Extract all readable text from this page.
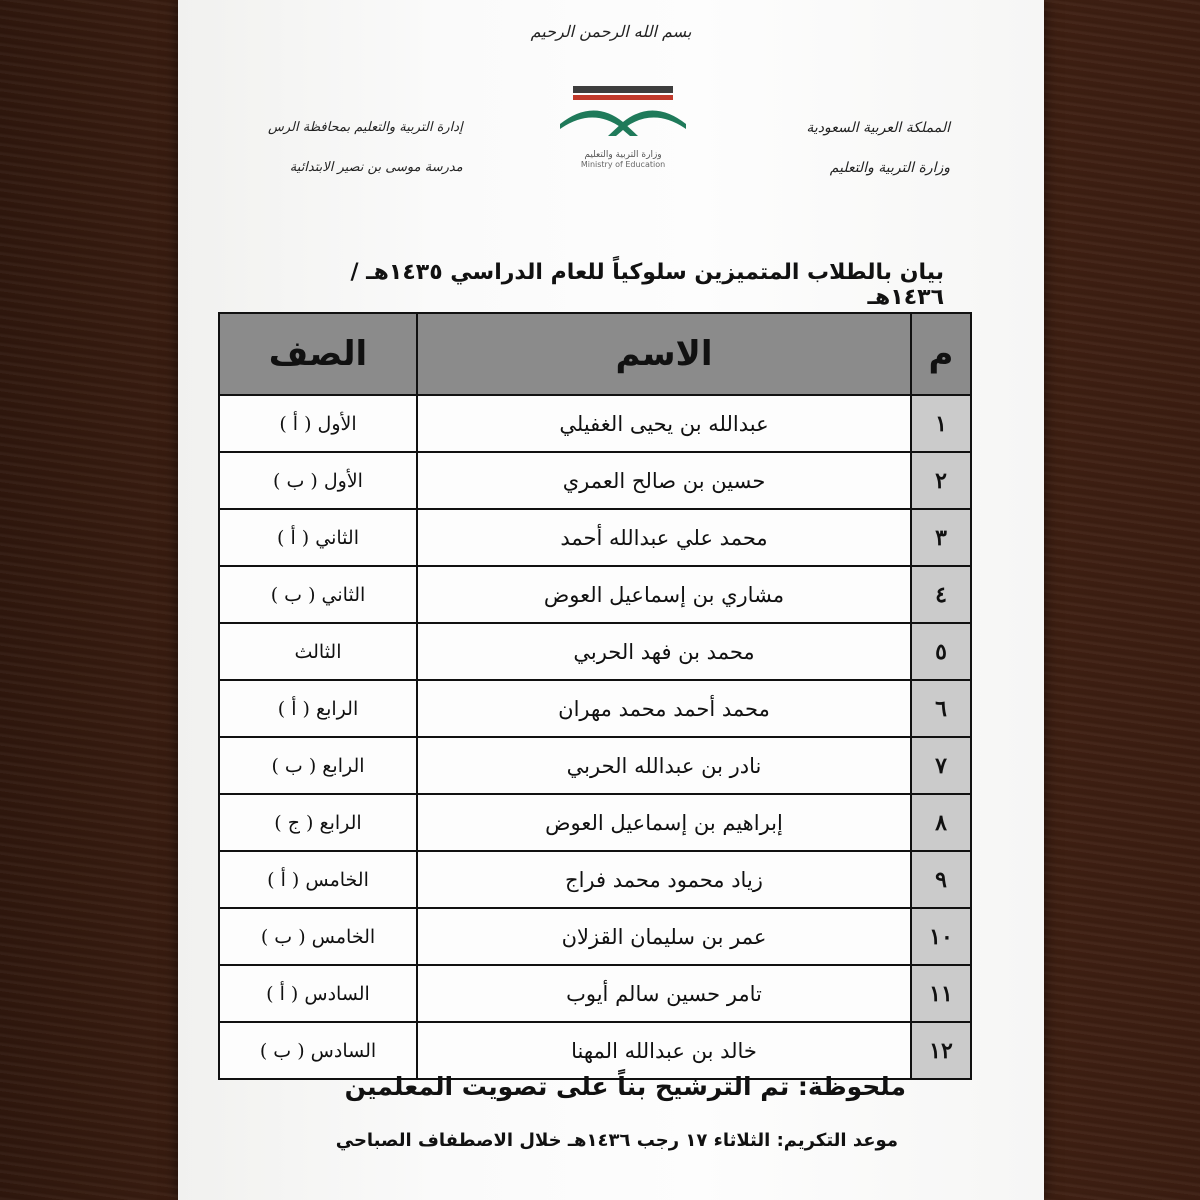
بسم الله الرحمن الرحيم
المملكة العربية السعودية
وزارة التربية والتعليم
وزارة التربية والتعليم
Ministry of Education
إدارة التربية والتعليم بمحافظة الرس
مدرسة موسى بن نصير الابتدائية
بيان بالطلاب المتميزين سلوكياً للعام الدراسي ١٤٣٥هـ / ١٤٣٦هـ
م	الاسم	الصف
١	عبدالله بن يحيى الغفيلي	الأول ( أ )
٢	حسين بن صالح العمري	الأول ( ب )
٣	محمد علي عبدالله أحمد	الثاني ( أ )
٤	مشاري بن إسماعيل العوض	الثاني ( ب )
٥	محمد بن فهد الحربي	الثالث
٦	محمد أحمد محمد مهران	الرابع ( أ )
٧	نادر بن عبدالله الحربي	الرابع ( ب )
٨	إبراهيم بن إسماعيل العوض	الرابع ( ج )
٩	زياد محمود محمد فراج	الخامس ( أ )
١٠	عمر بن سليمان القزلان	الخامس ( ب )
١١	تامر حسين سالم أيوب	السادس ( أ )
١٢	خالد بن عبدالله المهنا	السادس ( ب )
ملحوظة: تم الترشيح بناً على تصويت المعلمين
موعد التكريم: الثلاثاء ١٧ رجب ١٤٣٦هـ خلال الاصطفاف الصباحي
